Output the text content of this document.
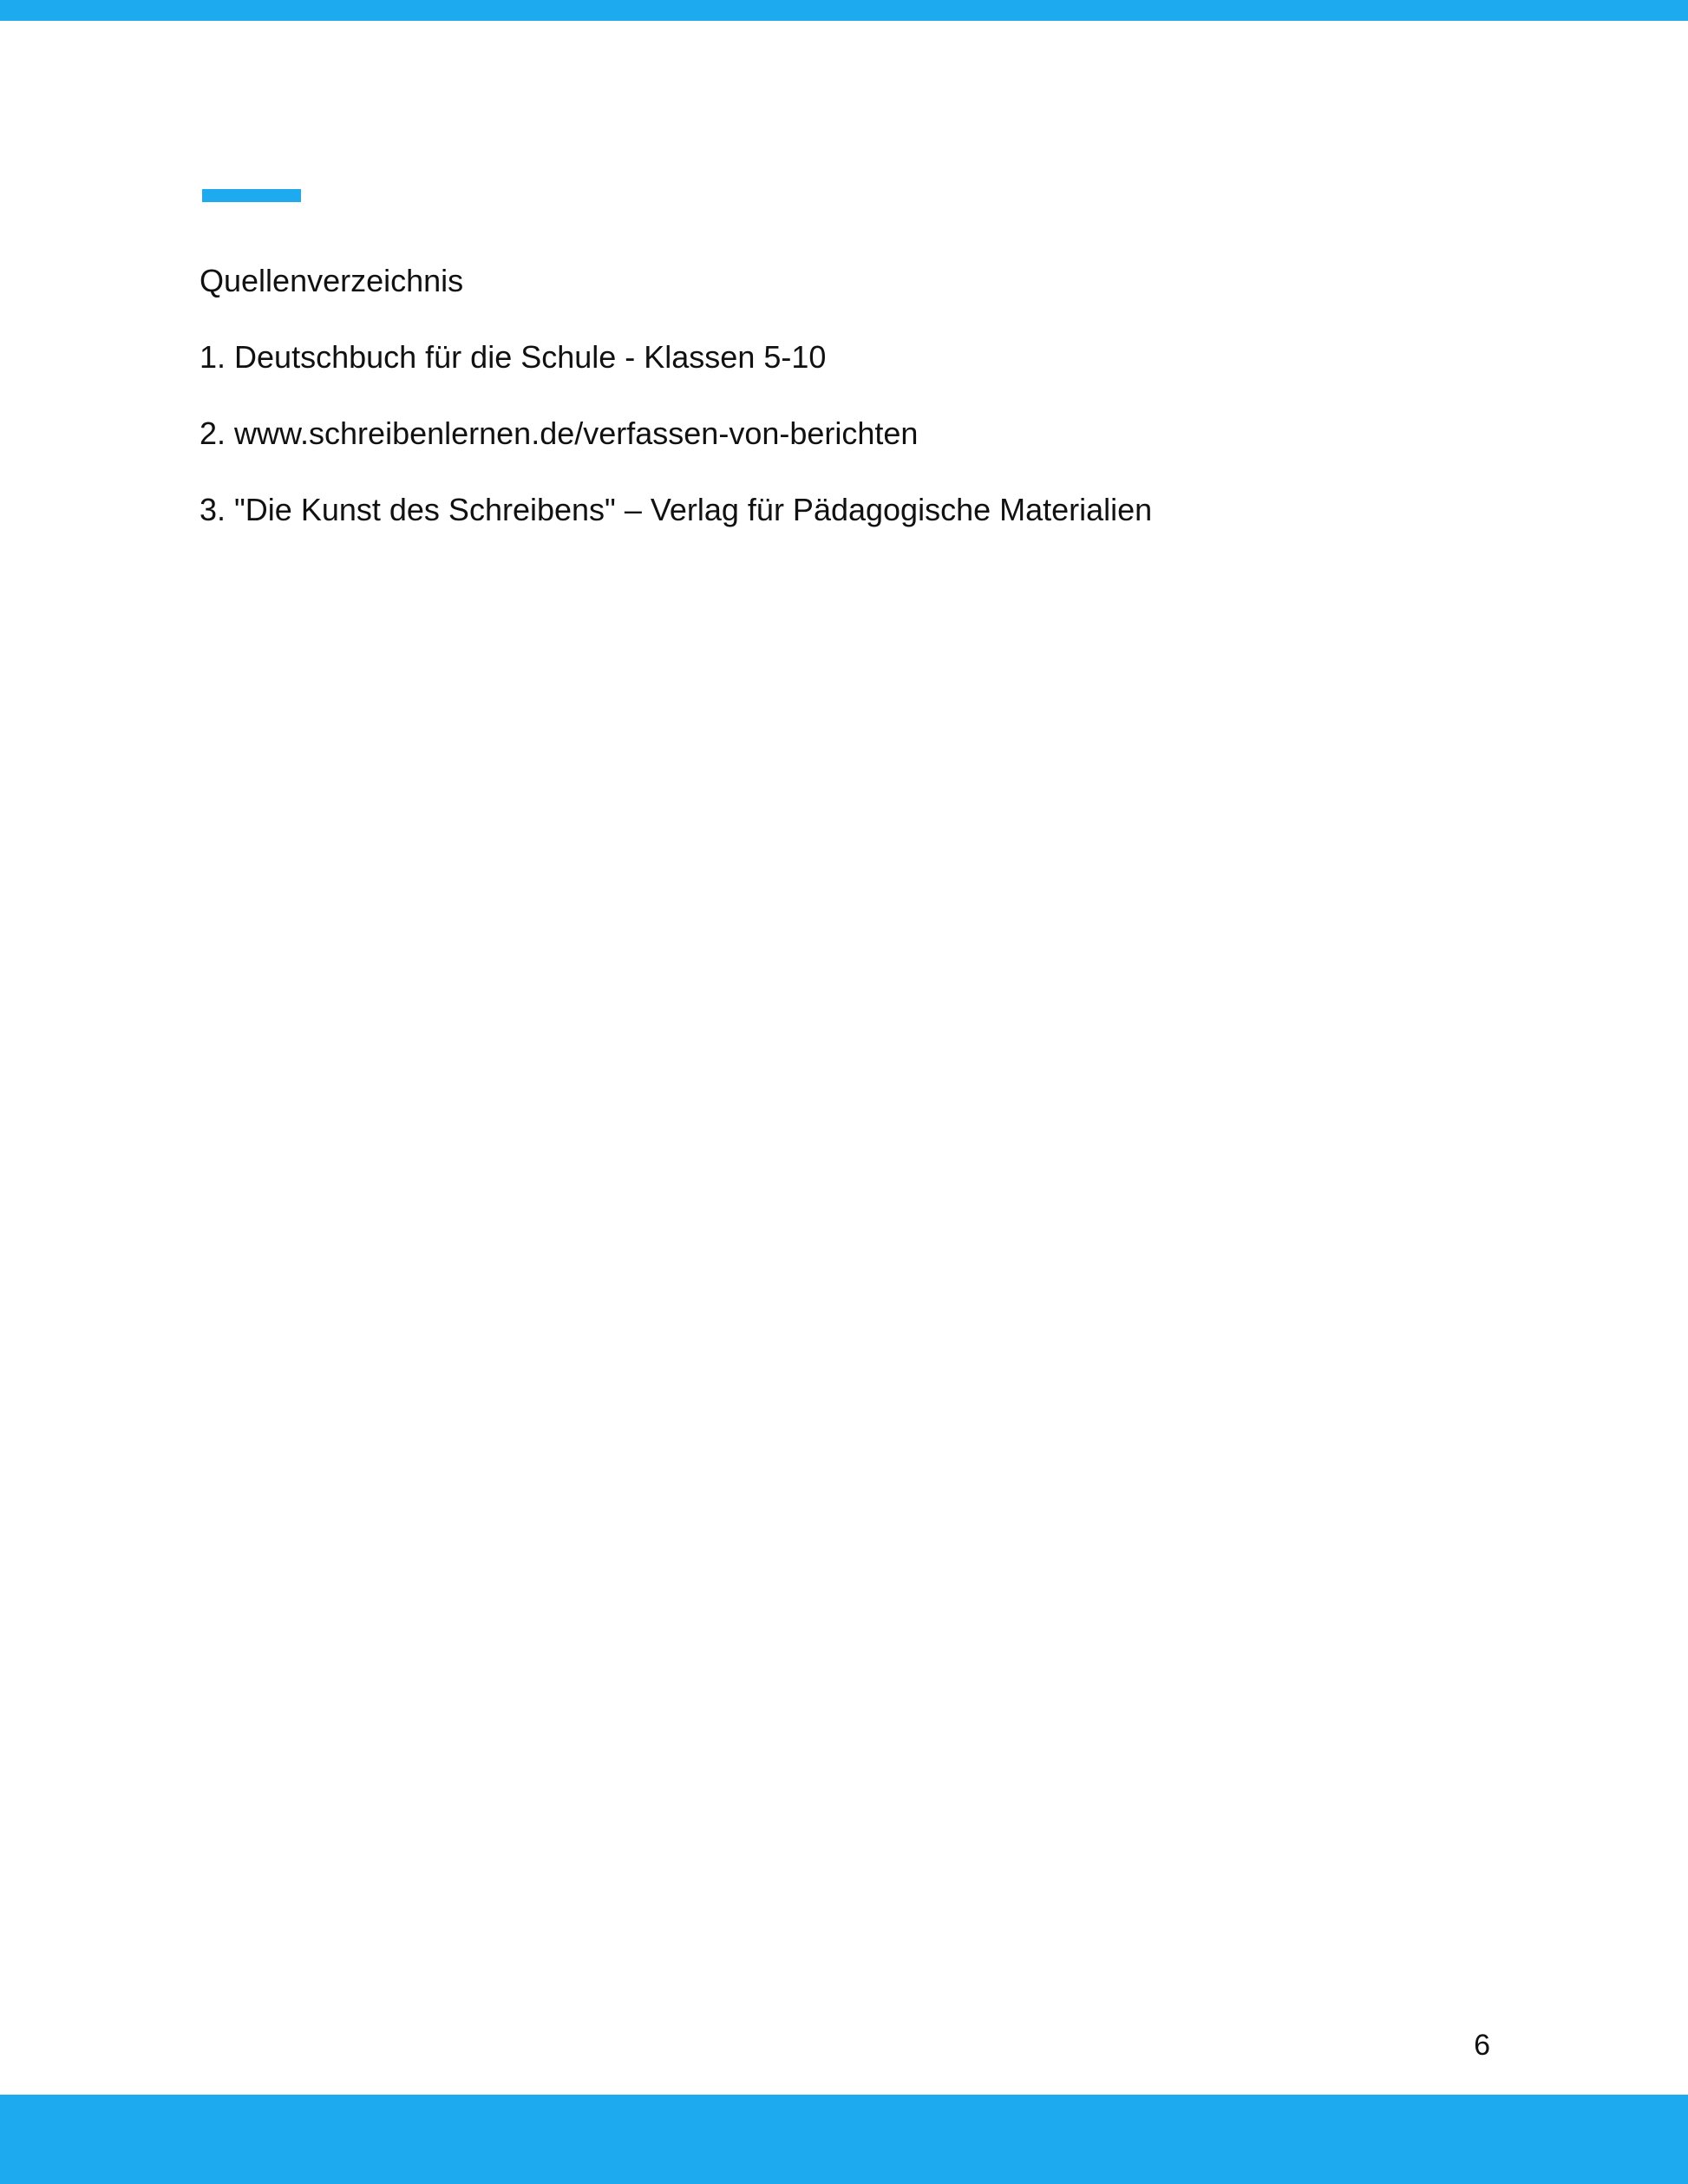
Quellenverzeichnis
1. Deutschbuch für die Schule - Klassen 5-10
2. www.schreibenlernen.de/verfassen-von-berichten
3. "Die Kunst des Schreibens" – Verlag für Pädagogische Materialien
6
